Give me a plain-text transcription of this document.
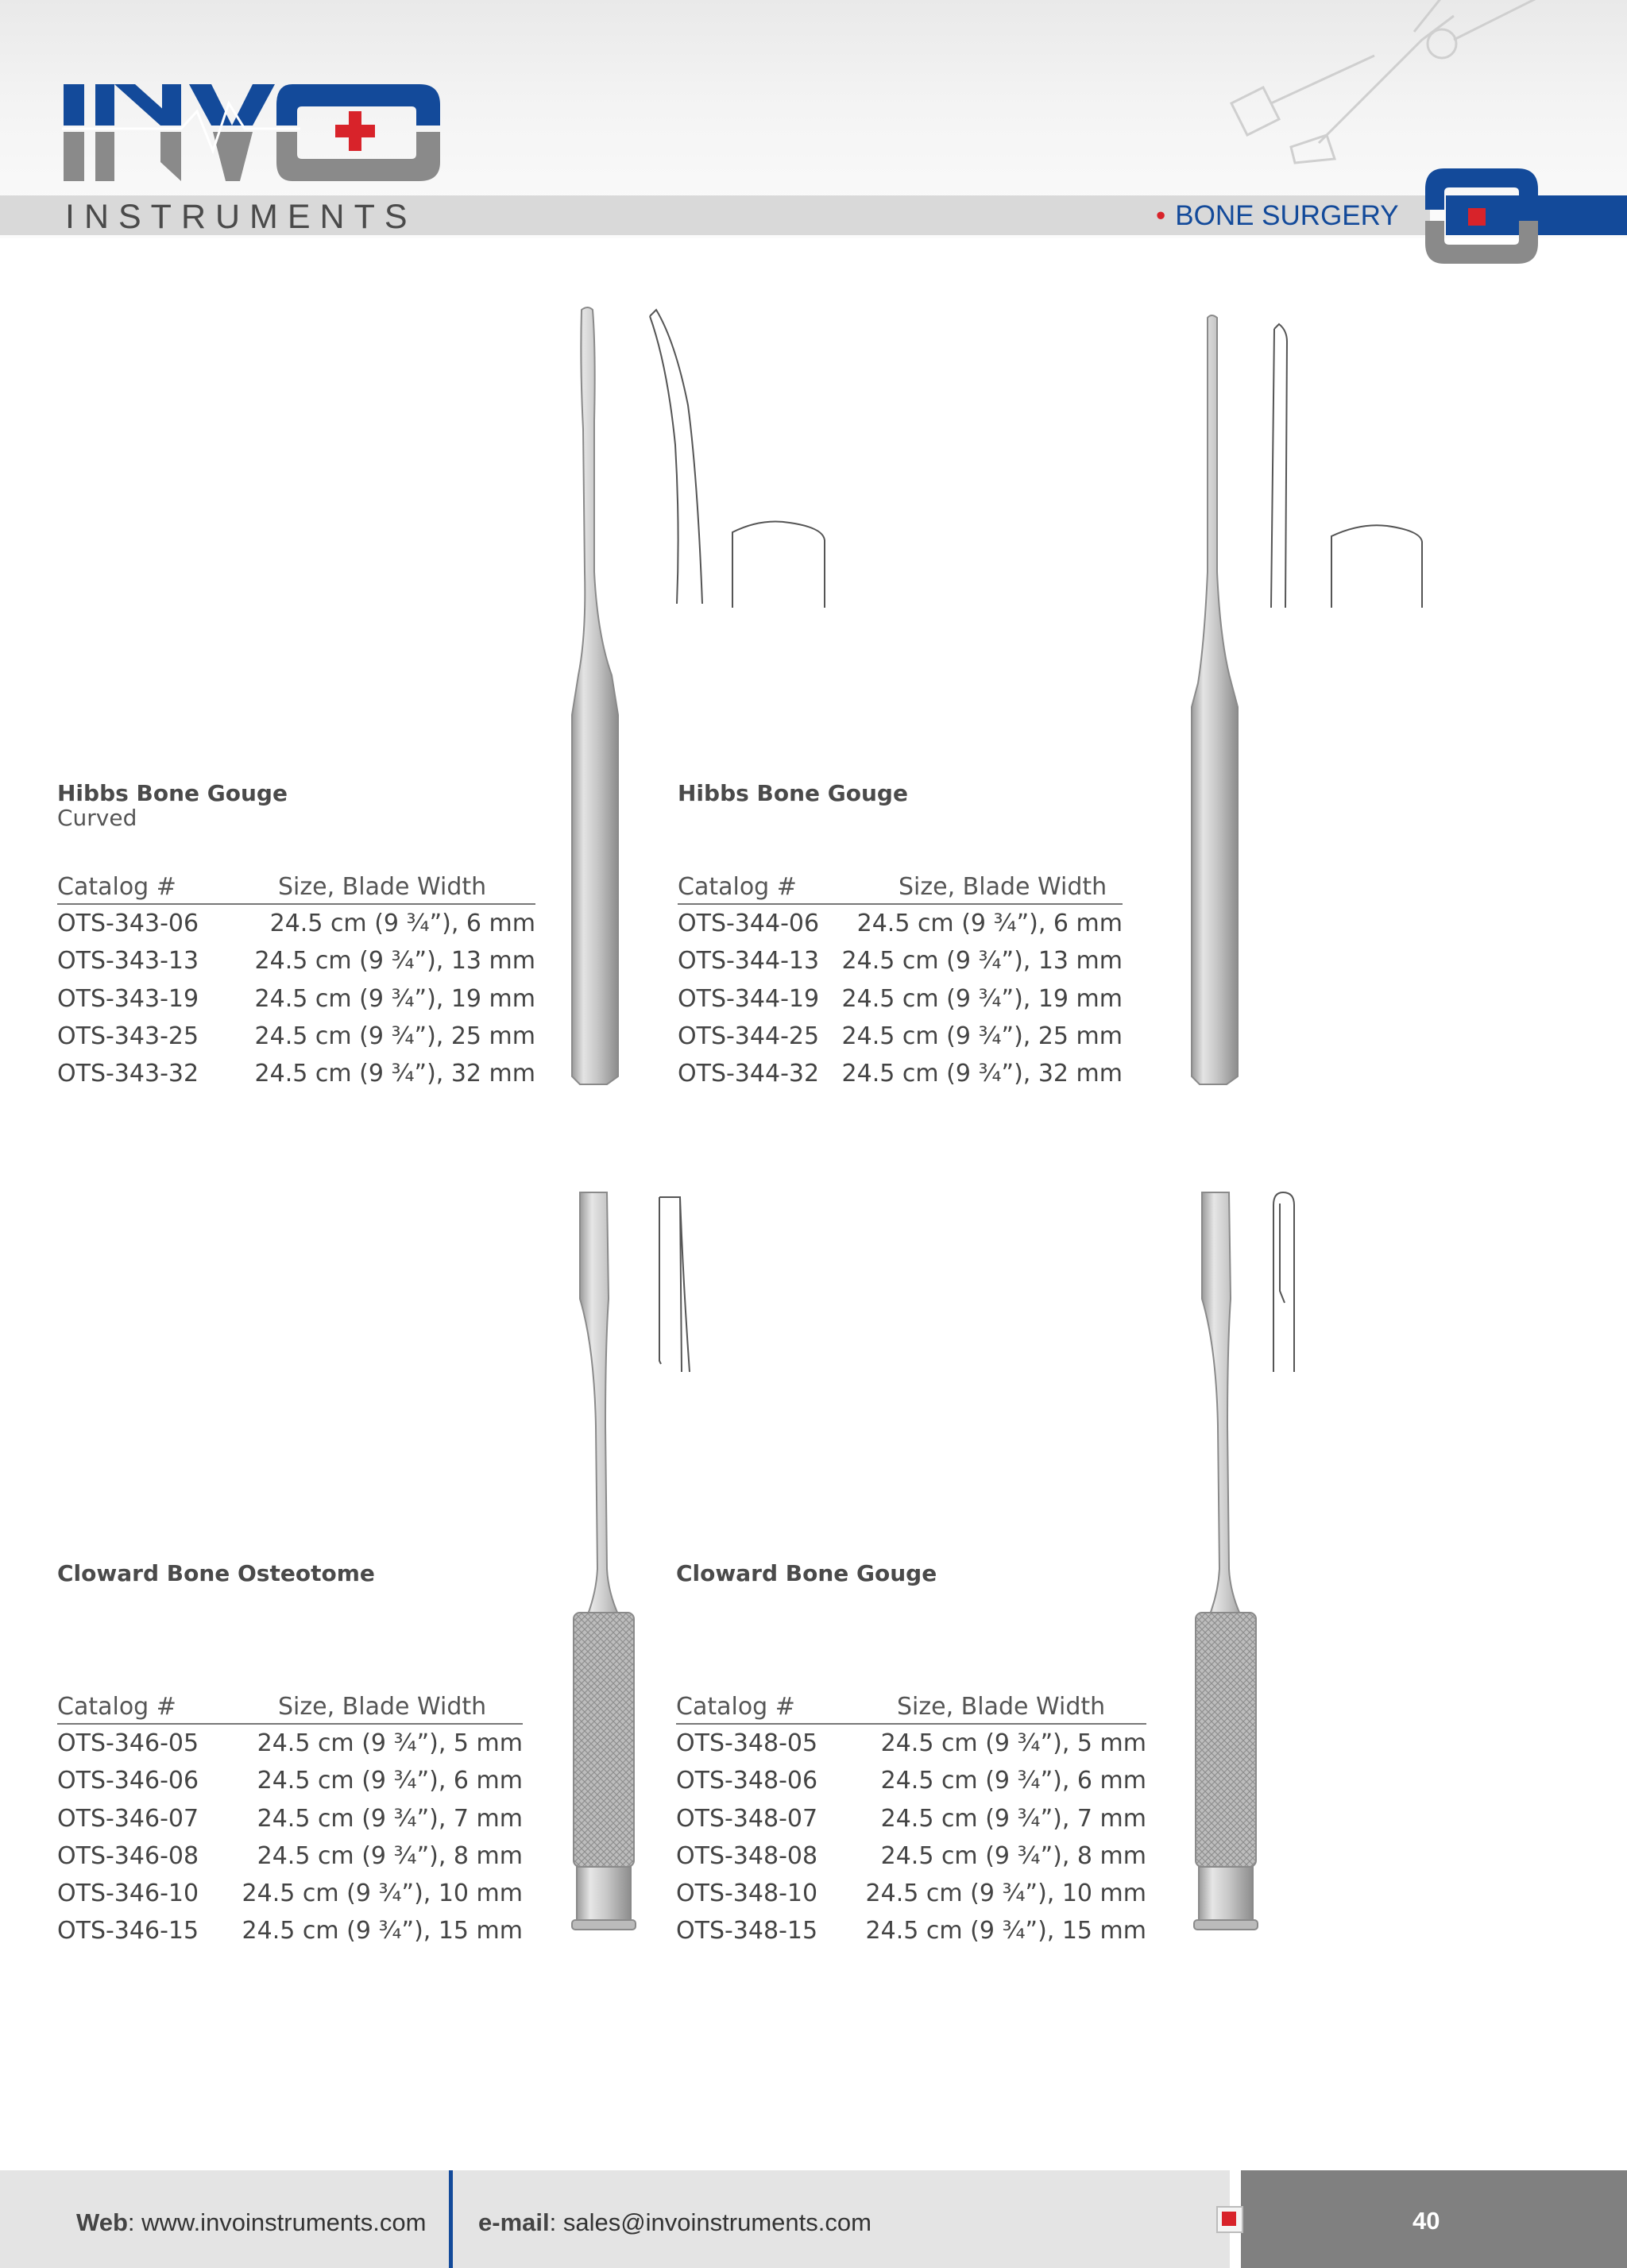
INSTRUMENTS	• BONE SURGERY
Hibbs Bone Gouge
Curved
Catalog #	Size, Blade Width
OTS-343-06	24.5 cm (9 ¾”), 6 mm
OTS-343-13	24.5 cm (9 ¾”), 13 mm
OTS-343-19	24.5 cm (9 ¾”), 19 mm
OTS-343-25	24.5 cm (9 ¾”), 25 mm
OTS-343-32	24.5 cm (9 ¾”), 32 mm
Hibbs Bone Gouge
Catalog #	Size, Blade Width
OTS-344-06	24.5 cm (9 ¾”), 6 mm
OTS-344-13 24.5 cm (9 ¾”), 13 mm
OTS-344-19 24.5 cm (9 ¾”), 19 mm
OTS-344-25 24.5 cm (9 ¾”), 25 mm
OTS-344-32 24.5 cm (9 ¾”), 32 mm
Cloward Bone Osteotome
Catalog #	Size, Blade Width
OTS-346-05	24.5 cm (9 ¾”), 5 mm
OTS-346-06	24.5 cm (9 ¾”), 6 mm
OTS-346-07	24.5 cm (9 ¾”), 7 mm
OTS-346-08	24.5 cm (9 ¾”), 8 mm
OTS-346-10	24.5 cm (9 ¾”), 10 mm
OTS-346-15	24.5 cm (9 ¾”), 15 mm
Cloward Bone Gouge
Catalog #	Size, Blade Width
OTS-348-05	24.5 cm (9 ¾”), 5 mm
OTS-348-06	24.5 cm (9 ¾”), 6 mm
OTS-348-07	24.5 cm (9 ¾”), 7 mm
OTS-348-08	24.5 cm (9 ¾”), 8 mm
OTS-348-10	24.5 cm (9 ¾”), 10 mm
OTS-348-15	24.5 cm (9 ¾”), 15 mm
Web: www.invoinstruments.com e-mail: sales@invoinstruments.com	40
